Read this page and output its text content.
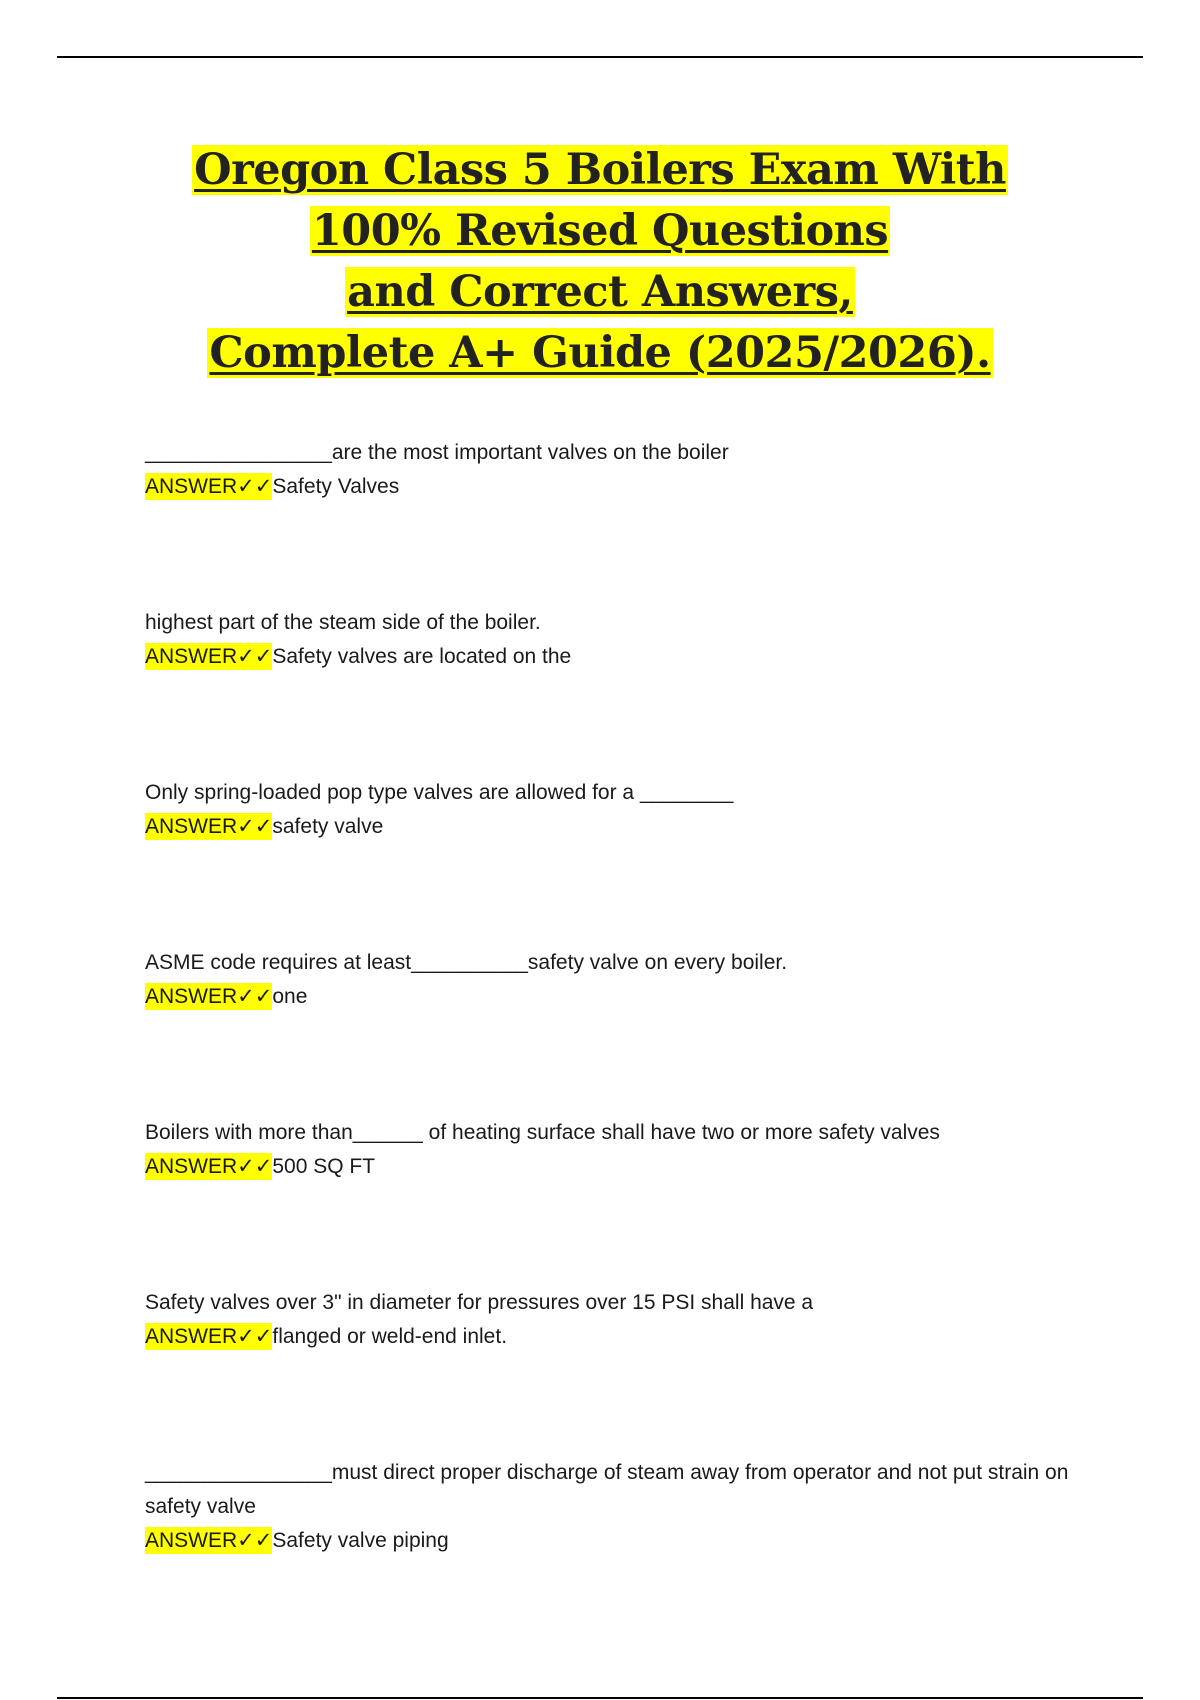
Oregon Class 5 Boilers Exam With
100% Revised Questions
and Correct Answers,
Complete A+ Guide (2025/2026).
________________are the most important valves on the boiler
ANSWER✓✓Safety Valves
highest part of the steam side of the boiler.
ANSWER✓✓Safety valves are located on the
Only spring-loaded pop type valves are allowed for a ________
ANSWER✓✓safety valve
ASME code requires at least__________safety valve on every boiler.
ANSWER✓✓one
Boilers with more than______ of heating surface shall have two or more safety valves
ANSWER✓✓500 SQ FT
Safety valves over 3" in diameter for pressures over 15 PSI shall have a
ANSWER✓✓flanged or weld-end inlet.
________________must direct proper discharge of steam away from operator and not put strain on safety valve
ANSWER✓✓Safety valve piping
